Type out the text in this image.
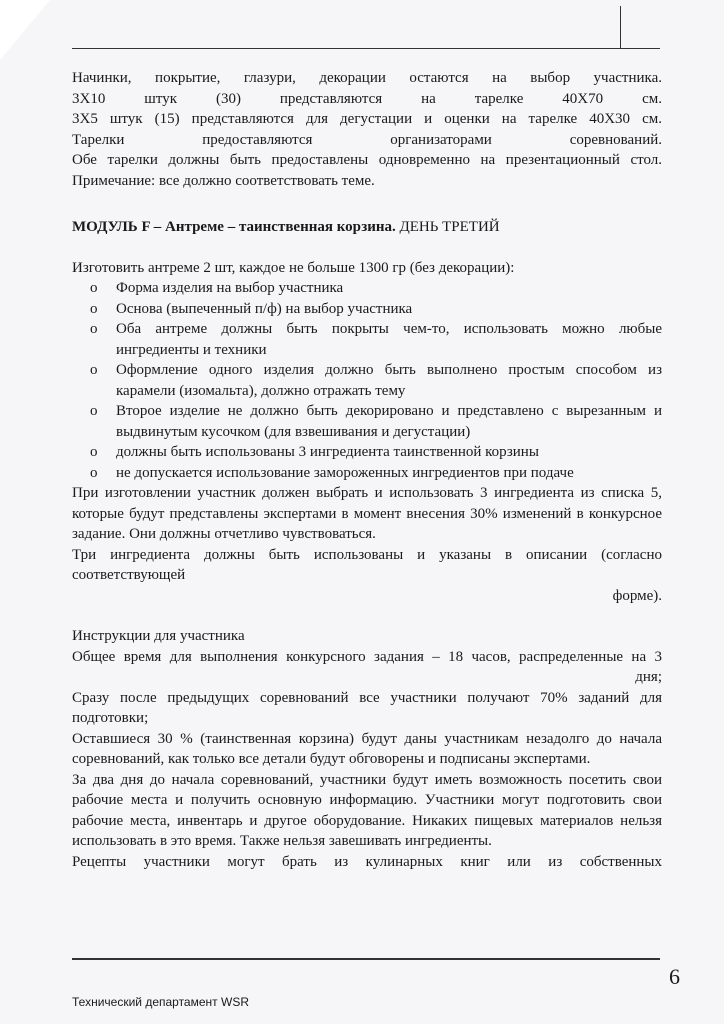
Начинки, покрытие, глазури, декорации остаются на выбор участника.

3Х10 штук (30) представляются на тарелке 40Х70 см.

3Х5 штук (15) представляются для дегустации и оценки на тарелке 40Х30 см.

Тарелки предоставляются организаторами соревнований.

Обе тарелки должны быть предоставлены одновременно на презентационный стол.

Примечание: все должно соответствовать теме.

МОДУЛЬ F – Антреме – таинственная корзина. ДЕНЬ ТРЕТИЙ

Изготовить антреме 2 шт, каждое не больше 1300 гр (без декорации):

o Форма изделия на выбор участника
o Основа (выпеченный п/ф) на выбор участника
o Оба антреме должны быть покрыты чем-то, использовать можно любые ингредиенты и техники
o Оформление одного изделия должно быть выполнено простым способом из карамели (изомальта), должно отражать тему
o Второе изделие не должно быть декорировано и представлено с вырезанным и выдвинутым кусочком (для взвешивания и дегустации)
o должны быть использованы 3 ингредиента таинственной корзины
o не допускается использование замороженных ингредиентов при подаче

При изготовлении участник должен выбрать и использовать 3 ингредиента из списка 5, которые будут представлены экспертами в момент внесения 30% изменений в конкурсное задание. Они должны отчетливо чувствоваться.

Три ингредиента должны быть использованы и указаны в описании (согласно соответствующей

форме).

Инструкции для участника

Общее время для выполнения конкурсного задания – 18 часов, распределенные на 3

дня;

Сразу после предыдущих соревнований все участники получают 70% заданий для подготовки;

Оставшиеся 30 % (таинственная корзина) будут даны участникам незадолго до начала соревнований, как только все детали будут обговорены и подписаны экспертами.

За два дня до начала соревнований, участники будут иметь возможность посетить свои рабочие места и получить основную информацию. Участники могут подготовить свои рабочие места, инвентарь и другое оборудование. Никаких пищевых материалов нельзя использовать в это время. Также нельзя завешивать ингредиенты.

Рецепты участники могут брать из кулинарных книг или из собственных

6
Технический департамент WSR
